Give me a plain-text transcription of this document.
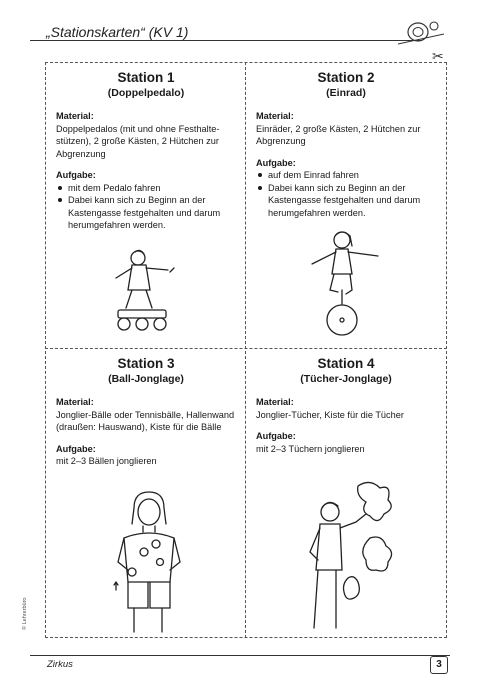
„Stationskarten“ (KV 1)
✂
Station 1
(Doppelpedalo)
Material:
Doppelpedalos (mit und ohne Festhalte-stützen), 2 große Kästen, 2 Hütchen zur Abgrenzung
Aufgabe:
mit dem Pedalo fahren
Dabei kann sich zu Beginn an der Kastengasse festgehalten und darum herumgefahren werden.
Station 2
(Einrad)
Material:
Einräder, 2 große Kästen, 2 Hütchen zur Abgrenzung
Aufgabe:
auf dem Einrad fahren
Dabei kann sich zu Beginn an der Kastengasse festgehalten und darum herumgefahren werden.
Station 3
(Ball-Jonglage)
Material:
Jonglier-Bälle oder Tennisbälle, Hallenwand (draußen: Hauswand), Kiste für die Bälle
Aufgabe:
mit 2–3 Bällen jonglieren
Station 4
(Tücher-Jonglage)
Material:
Jonglier-Tücher, Kiste für die Tücher
Aufgabe:
mit 2–3 Tüchern jonglieren
© Lehrerbüro
Zirkus	3
